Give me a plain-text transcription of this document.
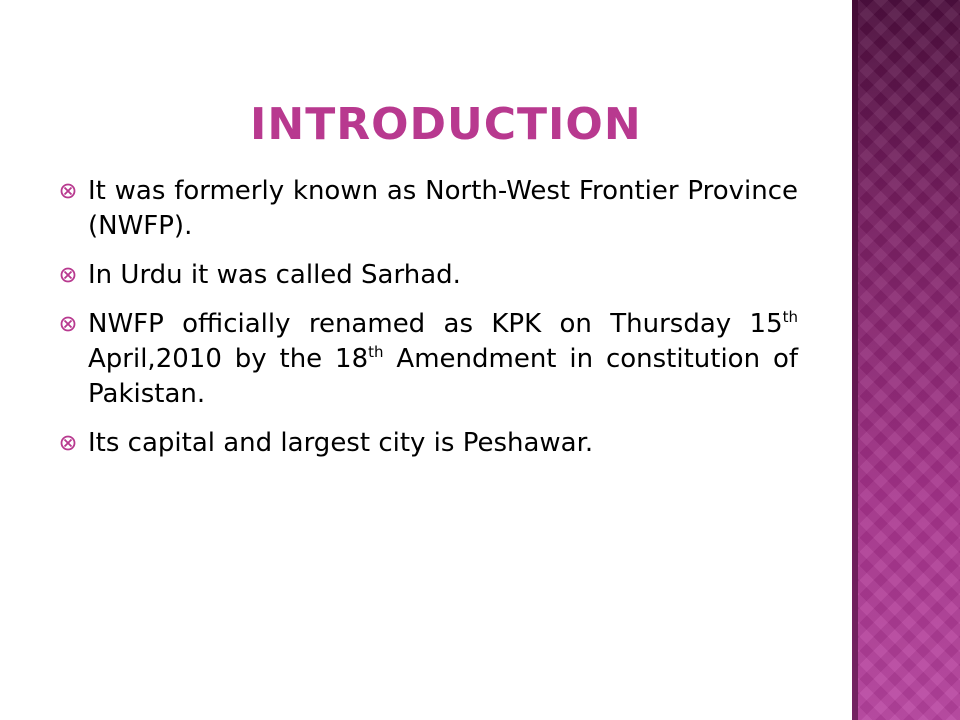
INTRODUCTION
It was formerly known as North-West Frontier Province (NWFP).
In Urdu it was called Sarhad.
NWFP officially renamed as KPK on Thursday 15th April,2010 by the 18th Amendment in constitution of Pakistan.
Its capital and largest city is Peshawar.
